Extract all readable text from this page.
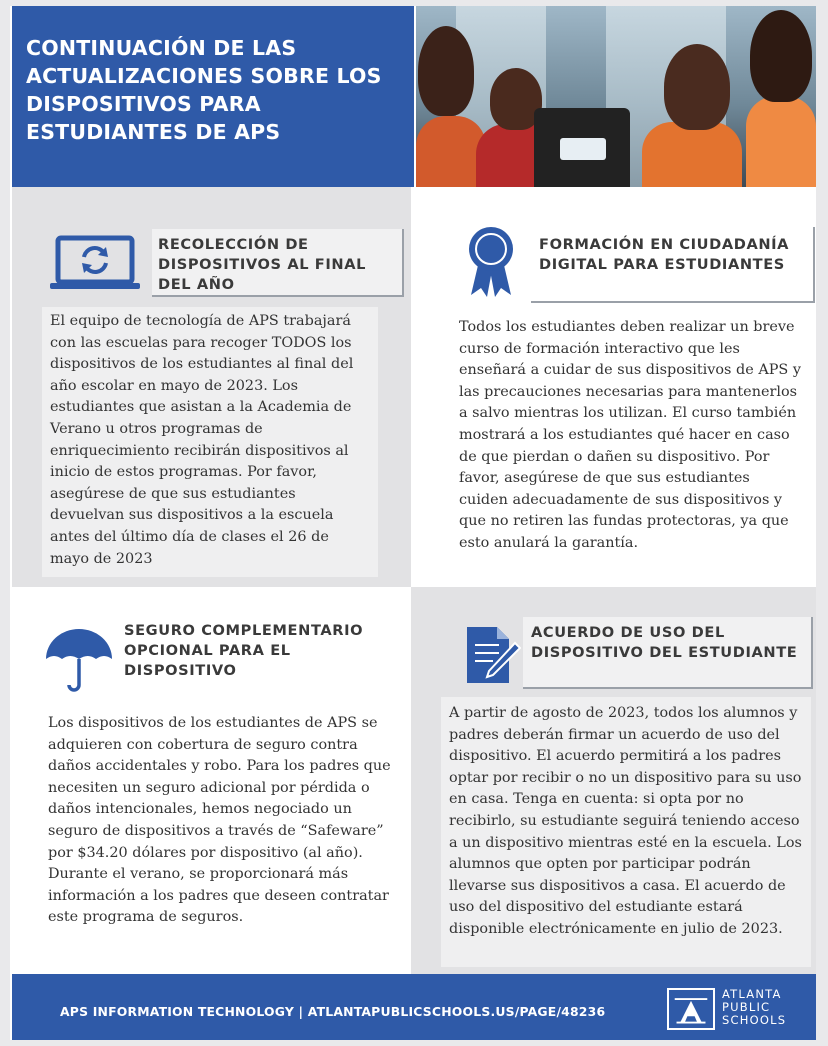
CONTINUACIÓN DE LAS ACTUALIZACIONES SOBRE LOS DISPOSITIVOS PARA ESTUDIANTES DE APS
RECOLECCIÓN DE DISPOSITIVOS AL FINAL DEL AÑO

El equipo de tecnología de APS trabajará con las escuelas para recoger TODOS los dispositivos de los estudiantes al final del año escolar en mayo de 2023. Los estudiantes que asistan a la Academia de Verano u otros programas de enriquecimiento recibirán dispositivos al inicio de estos programas. Por favor, asegúrese de que sus estudiantes devuelvan sus dispositivos a la escuela antes del último día de clases el 26 de mayo de 2023

FORMACIÓN EN CIUDADANÍA DIGITAL PARA ESTUDIANTES

Todos los estudiantes deben realizar un breve curso de formación interactivo que les enseñará a cuidar de sus dispositivos de APS y las precauciones necesarias para mantenerlos a salvo mientras los utilizan. El curso también mostrará a los estudiantes qué hacer en caso de que pierdan o dañen su dispositivo. Por favor, asegúrese de que sus estudiantes cuiden adecuadamente de sus dispositivos y que no retiren las fundas protectoras, ya que esto anulará la garantía.

SEGURO COMPLEMENTARIO OPCIONAL PARA EL DISPOSITIVO

Los dispositivos de los estudiantes de APS se adquieren con cobertura de seguro contra daños accidentales y robo. Para los padres que necesiten un seguro adicional por pérdida o daños intencionales, hemos negociado un seguro de dispositivos a través de “Safeware” por $34.20 dólares por dispositivo (al año). Durante el verano, se proporcionará más información a los padres que deseen contratar este programa de seguros.

ACUERDO DE USO DEL DISPOSITIVO DEL ESTUDIANTE

A partir de agosto de 2023, todos los alumnos y padres deberán firmar un acuerdo de uso del dispositivo. El acuerdo permitirá a los padres optar por recibir o no un dispositivo para su uso en casa. Tenga en cuenta: si opta por no recibirlo, su estudiante seguirá teniendo acceso a un dispositivo mientras esté en la escuela. Los alumnos que opten por participar podrán llevarse sus dispositivos a casa. El acuerdo de uso del dispositivo del estudiante estará disponible electrónicamente en julio de 2023.

APS INFORMATION TECHNOLOGY | ATLANTAPUBLICSCHOOLS.US/PAGE/48236
ATLANTA
PUBLIC
SCHOOLS
